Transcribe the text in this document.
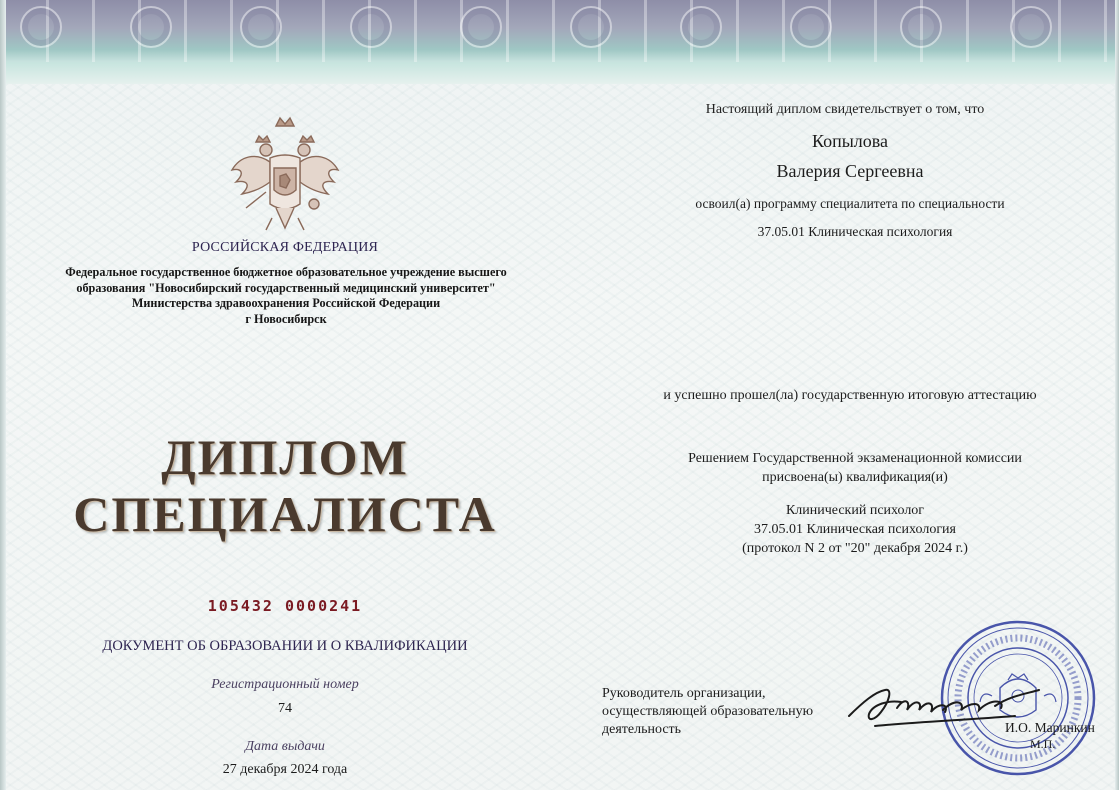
РОССИЙСКАЯ ФЕДЕРАЦИЯ
Федеральное государственное бюджетное образовательное учреждение высшего
образования "Новосибирский государственный медицинский университет"
Министерства здравоохранения Российской Федерации
г Новосибирск
ДИПЛОМ
СПЕЦИАЛИСТА
105432 0000241
ДОКУМЕНТ ОБ ОБРАЗОВАНИИ И О КВАЛИФИКАЦИИ
Регистрационный номер
74
Дата выдачи
27 декабря 2024 года
Настоящий диплом свидетельствует о том, что
Копылова
Валерия Сергеевна
освоил(а) программу специалитета по специальности
37.05.01 Клиническая психология
и успешно прошел(ла) государственную итоговую аттестацию
Решением Государственной экзаменационной комиссии
присвоена(ы) квалификация(и)
Клинический психолог
37.05.01 Клиническая психология
(протокол N 2 от "20" декабря 2024 г.)
Руководитель организации,
осуществляющей образовательную
деятельность	И.О. Маринкин
М.П.
